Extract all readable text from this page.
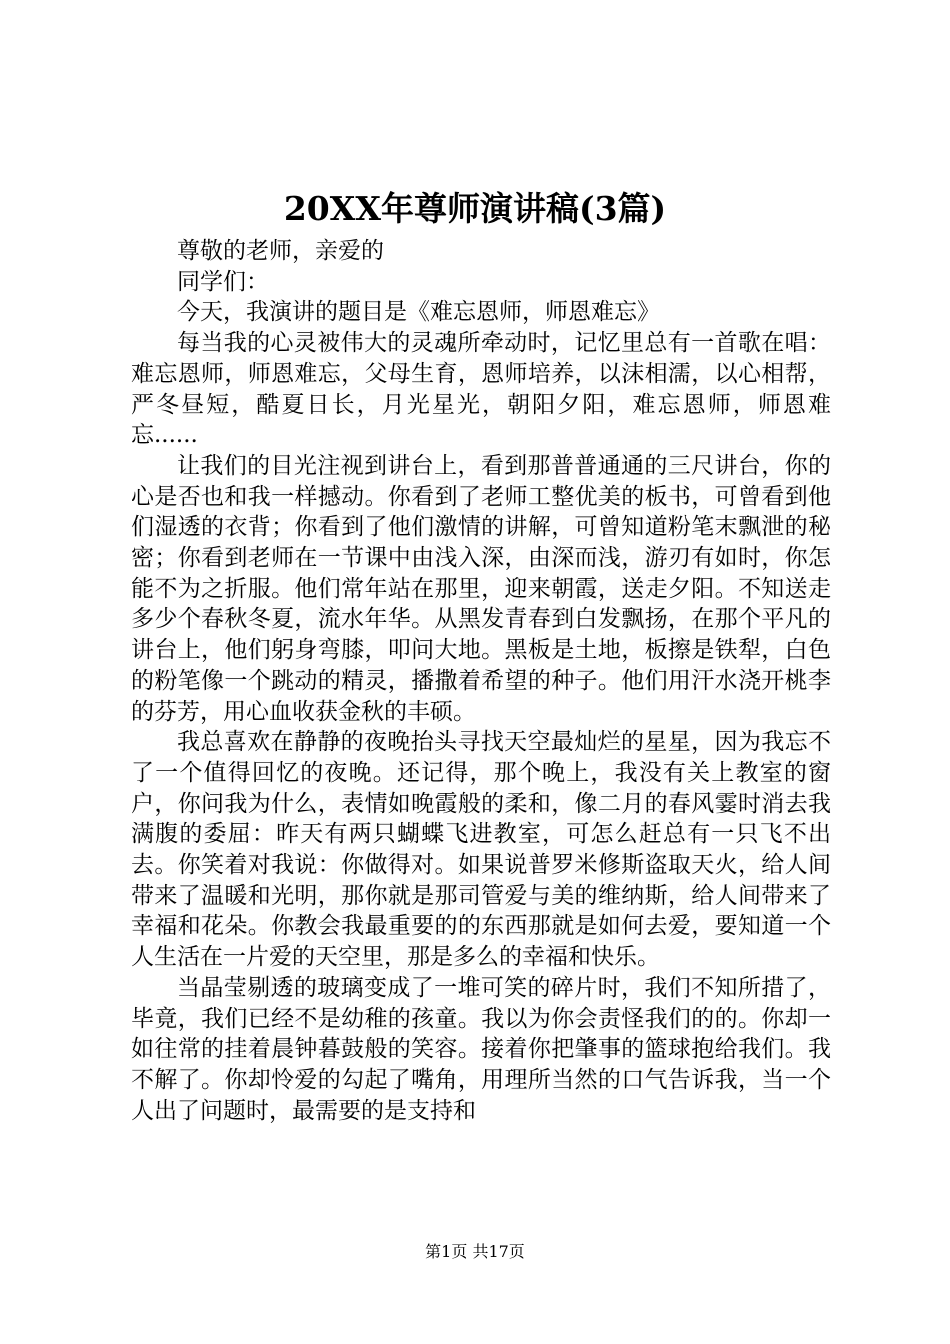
20XX年尊师演讲稿(3篇)

尊敬的老师，亲爱的

同学们：

今天，我演讲的题目是《难忘恩师，师恩难忘》

每当我的心灵被伟大的灵魂所牵动时，记忆里总有一首歌在唱：难忘恩师，师恩难忘，父母生育，恩师培养，以沫相濡，以心相帮，严冬昼短，酷夏日长，月光星光，朝阳夕阳，难忘恩师，师恩难忘......

让我们的目光注视到讲台上，看到那普普通通的三尺讲台，你的心是否也和我一样撼动。你看到了老师工整优美的板书，可曾看到他们湿透的衣背；你看到了他们激情的讲解，可曾知道粉笔末飘泄的秘密；你看到老师在一节课中由浅入深，由深而浅，游刃有如时，你怎能不为之折服。他们常年站在那里，迎来朝霞，送走夕阳。不知送走多少个春秋冬夏，流水年华。从黑发青春到白发飘扬，在那个平凡的讲台上，他们躬身弯膝，叩问大地。黑板是土地，板擦是铁犁，白色的粉笔像一个跳动的精灵，播撒着希望的种子。他们用汗水浇开桃李的芬芳，用心血收获金秋的丰硕。

我总喜欢在静静的夜晚抬头寻找天空最灿烂的星星，因为我忘不了一个值得回忆的夜晚。还记得，那个晚上，我没有关上教室的窗户，你问我为什么，表情如晚霞般的柔和，像二月的春风霎时消去我满腹的委屈：昨天有两只蝴蝶飞进教室，可怎么赶总有一只飞不出去。你笑着对我说：你做得对。如果说普罗米修斯盗取天火，给人间带来了温暖和光明，那你就是那司管爱与美的维纳斯，给人间带来了幸福和花朵。你教会我最重要的的东西那就是如何去爱，要知道一个人生活在一片爱的天空里，那是多么的幸福和快乐。

当晶莹剔透的玻璃变成了一堆可笑的碎片时，我们不知所措了，毕竟，我们已经不是幼稚的孩童。我以为你会责怪我们的的。你却一如往常的挂着晨钟暮鼓般的笑容。接着你把肇事的篮球抱给我们。我不解了。你却怜爱的勾起了嘴角，用理所当然的口气告诉我，当一个人出了问题时，最需要的是支持和

第1页 共17页
